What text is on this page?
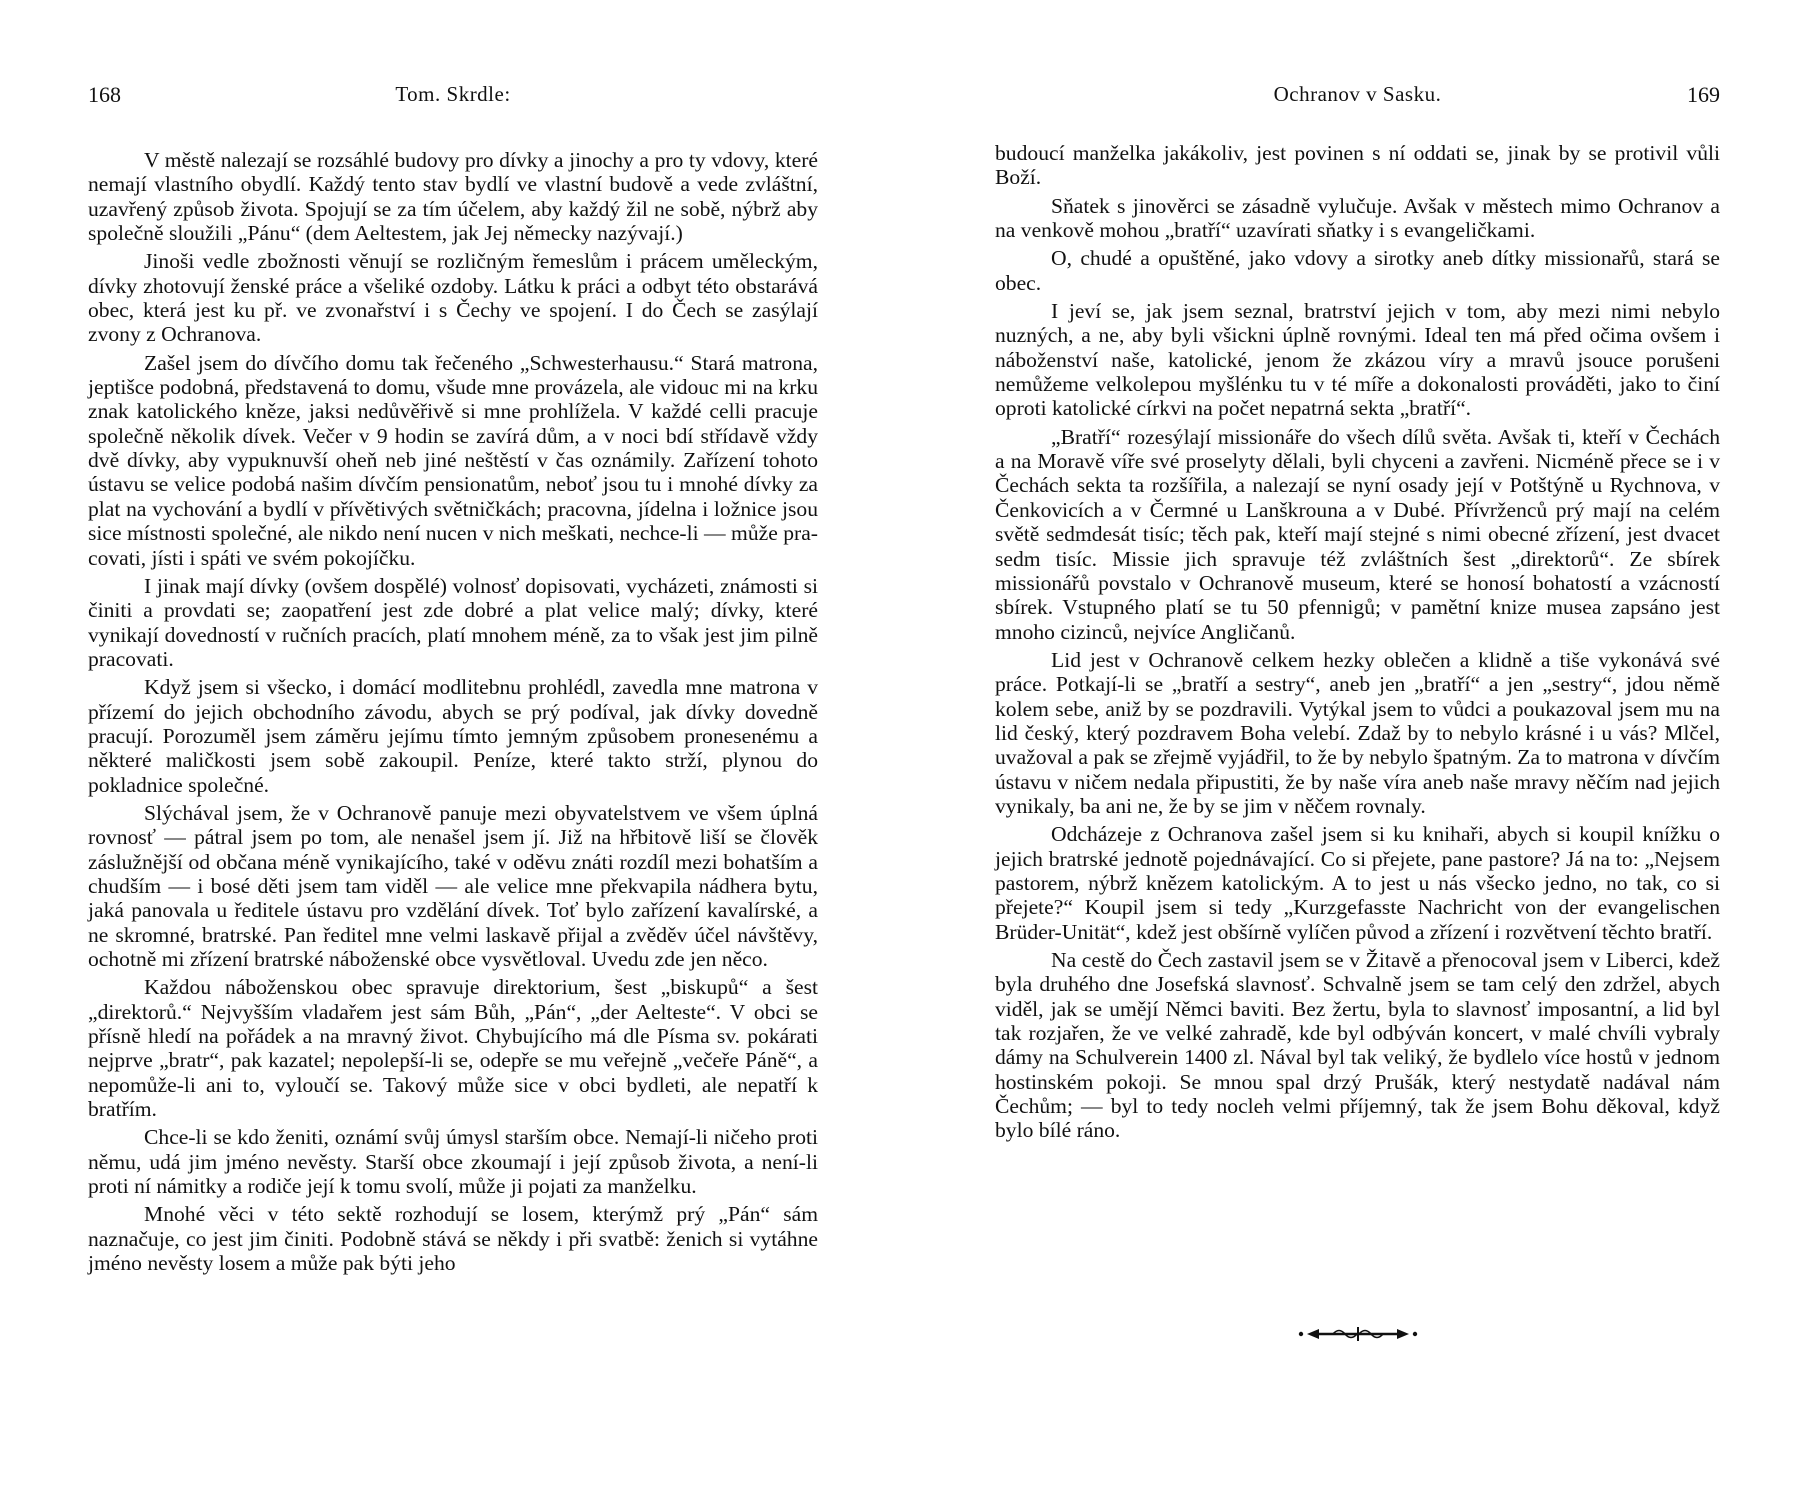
168	Tom. Skrdle:

V městě nalezají se rozsáhlé budovy pro dívky a jinochy a pro ty vdovy, které nemají vlastního obydlí. Každý tento stav bydlí ve vlastní budově a vede zvláštní, uzavřený způsob života. Spojují se za tím účelem, aby každý žil ne sobě, nýbrž aby společně sloužili „Pánu“ (dem Aeltestem, jak Jej německy nazývají.)

Jinoši vedle zbožnosti věnují se rozličným řemeslům i prácem uměleckým, dívky zhotovují ženské práce a všeliké ozdoby. Látku k práci a odbyt této obstarává obec, která jest ku př. ve zvonařství i s Čechy ve spojení. I do Čech se zasýlají zvony z Ochranova.

Zašel jsem do dívčího domu tak řečeného „Schwesterhausu.“ Stará matrona, jeptišce podobná, představená to domu, všude mne provázela, ale vidouc mi na krku znak katolického kněze, jaksi nedůvěřivě si mne prohlížela. V každé celli pracuje společně několik dívek. Večer v 9 hodin se zavírá dům, a v noci bdí střídavě vždy dvě dívky, aby vypuknuvší oheň neb jiné neštěstí v čas oznámily. Zařízení tohoto ústavu se velice podobá našim dívčím pensionatům, neboť jsou tu i mnohé dívky za plat na vychování a bydlí v přívětivých světničkách; pracovna, jídelna i ložnice jsou sice místnosti společné, ale nikdo není nucen v nich meškati, nechce-li — může pracovati, jísti i spáti ve svém pokojíčku.

I jinak mají dívky (ovšem dospělé) volnosť dopisovati, vycházeti, známosti si činiti a provdati se; zaopatření jest zde dobré a plat velice malý; dívky, které vynikají dovedností v ručních pracích, platí mnohem méně, za to však jest jim pilně pracovati.

Když jsem si všecko, i domácí modlitebnu prohlédl, zavedla mne matrona v přízemí do jejich obchodního závodu, abych se prý podíval, jak dívky dovedně pracují. Porozuměl jsem záměru jejímu tímto jemným způsobem pronesenému a některé maličkosti jsem sobě zakoupil. Peníze, které takto strží, plynou do pokladnice společné.

Slýchával jsem, že v Ochranově panuje mezi obyvatelstvem ve všem úplná rovnosť — pátral jsem po tom, ale nenašel jsem jí. Již na hřbitově liší se člověk záslužnější od občana méně vynikajícího, také v oděvu znáti rozdíl mezi bohatším a chudším — i bosé děti jsem tam viděl — ale velice mne překvapila nádhera bytu, jaká panovala u ředitele ústavu pro vzdělání dívek. Toť bylo zařízení kavalírské, a ne skromné, bratrské. Pan ředitel mne velmi laskavě přijal a zvěděv účel návštěvy, ochotně mi zřízení bratrské náboženské obce vysvětloval. Uvedu zde jen něco.

Každou náboženskou obec spravuje direktorium, šest „biskupů“ a šest „direktorů.“ Nejvyšším vladařem jest sám Bůh, „Pán“, „der Aelteste“. V obci se přísně hledí na pořádek a na mravný život. Chybujícího má dle Písma sv. pokárati nejprve „bratr“, pak kazatel; nepolepší-li se, odepře se mu veřejně „večeře Páně“, a nepomůže-li ani to, vyloučí se. Takový může sice v obci bydleti, ale nepatří k bratřím.

Chce-li se kdo ženiti, oznámí svůj úmysl starším obce. Nemají-li ničeho proti němu, udá jim jméno nevěsty. Starší obce zkoumají i její způsob života, a není-li proti ní námitky a rodiče její k tomu svolí, může ji pojati za manželku.

Mnohé věci v této sektě rozhodují se losem, kterýmž prý „Pán“ sám naznačuje, co jest jim činiti. Podobně stává se někdy i při svatbě: ženich si vytáhne jméno nevěsty losem a může pak býti jeho

Ochranov v Sasku.	169

budoucí manželka jakákoliv, jest povinen s ní oddati se, jinak by se protivil vůli Boží.

Sňatek s jinověrci se zásadně vylučuje. Avšak v městech mimo Ochranov a na venkově mohou „bratří“ uzavírati sňatky i s evangeličkami.

O, chudé a opuštěné, jako vdovy a sirotky aneb dítky missionařů, stará se obec.

I jeví se, jak jsem seznal, bratrství jejich v tom, aby mezi nimi nebylo nuzných, a ne, aby byli všickni úplně rovnými. Ideal ten má před očima ovšem i náboženství naše, katolické, jenom že zkázou víry a mravů jsouce porušeni nemůžeme velkolepou myšlénku tu v té míře a dokonalosti prováděti, jako to činí oproti katolické církvi na počet nepatrná sekta „bratří“.

„Bratří“ rozesýlají missionáře do všech dílů světa. Avšak ti, kteří v Čechách a na Moravě víře své proselyty dělali, byli chyceni a zavřeni. Nicméně přece se i v Čechách sekta ta rozšířila, a nalezají se nyní osady její v Potštýně u Rychnova, v Čenkovicích a v Čermné u Lanškrouna a v Dubé. Přívrženců prý mají na celém světě sedmdesát tisíc; těch pak, kteří mají stejné s nimi obecné zřízení, jest dvacet sedm tisíc. Missie jich spravuje též zvláštních šest „direktorů“. Ze sbírek missionářů povstalo v Ochranově museum, které se honosí bohatostí a vzácností sbírek. Vstupného platí se tu 50 pfennigů; v pamětní knize musea zapsáno jest mnoho cizinců, nejvíce Angličanů.

Lid jest v Ochranově celkem hezky oblečen a klidně a tiše vykonává své práce. Potkají-li se „bratří a sestry“, aneb jen „bratří“ a jen „sestry“, jdou němě kolem sebe, aniž by se pozdravili. Vytýkal jsem to vůdci a poukazoval jsem mu na lid český, který pozdravem Boha velebí. Zdaž by to nebylo krásné i u vás? Mlčel, uvažoval a pak se zřejmě vyjádřil, to že by nebylo špatným. Za to matrona v dívčím ústavu v ničem nedala připustiti, že by naše víra aneb naše mravy něčím nad jejich vynikaly, ba ani ne, že by se jim v něčem rovnaly.

Odcházeje z Ochranova zašel jsem si ku knihaři, abych si koupil knížku o jejich bratrské jednotě pojednávající. Co si přejete, pane pastore? Já na to: „Nejsem pastorem, nýbrž knězem katolickým. A to jest u nás všecko jedno, no tak, co si přejete?“ Koupil jsem si tedy „Kurzgefasste Nachricht von der evangelischen Brüder-Unität“, kdež jest obšírně vylíčen původ a zřízení i rozvětvení těchto bratří.

Na cestě do Čech zastavil jsem se v Žitavě a přenocoval jsem v Liberci, kdež byla druhého dne Josefská slavnosť. Schvalně jsem se tam celý den zdržel, abych viděl, jak se umějí Němci baviti. Bez žertu, byla to slavnosť imposantní, a lid byl tak rozjařen, že ve velké zahradě, kde byl odbýván koncert, v malé chvíli vybraly dámy na Schulverein 1400 zl. Nával byl tak veliký, že bydlelo více hostů v jednom hostinském pokoji. Se mnou spal drzý Prušák, který nestydatě nadával nám Čechům; — byl to tedy nocleh velmi příjemný, tak že jsem Bohu děkoval, když bylo bílé ráno.
